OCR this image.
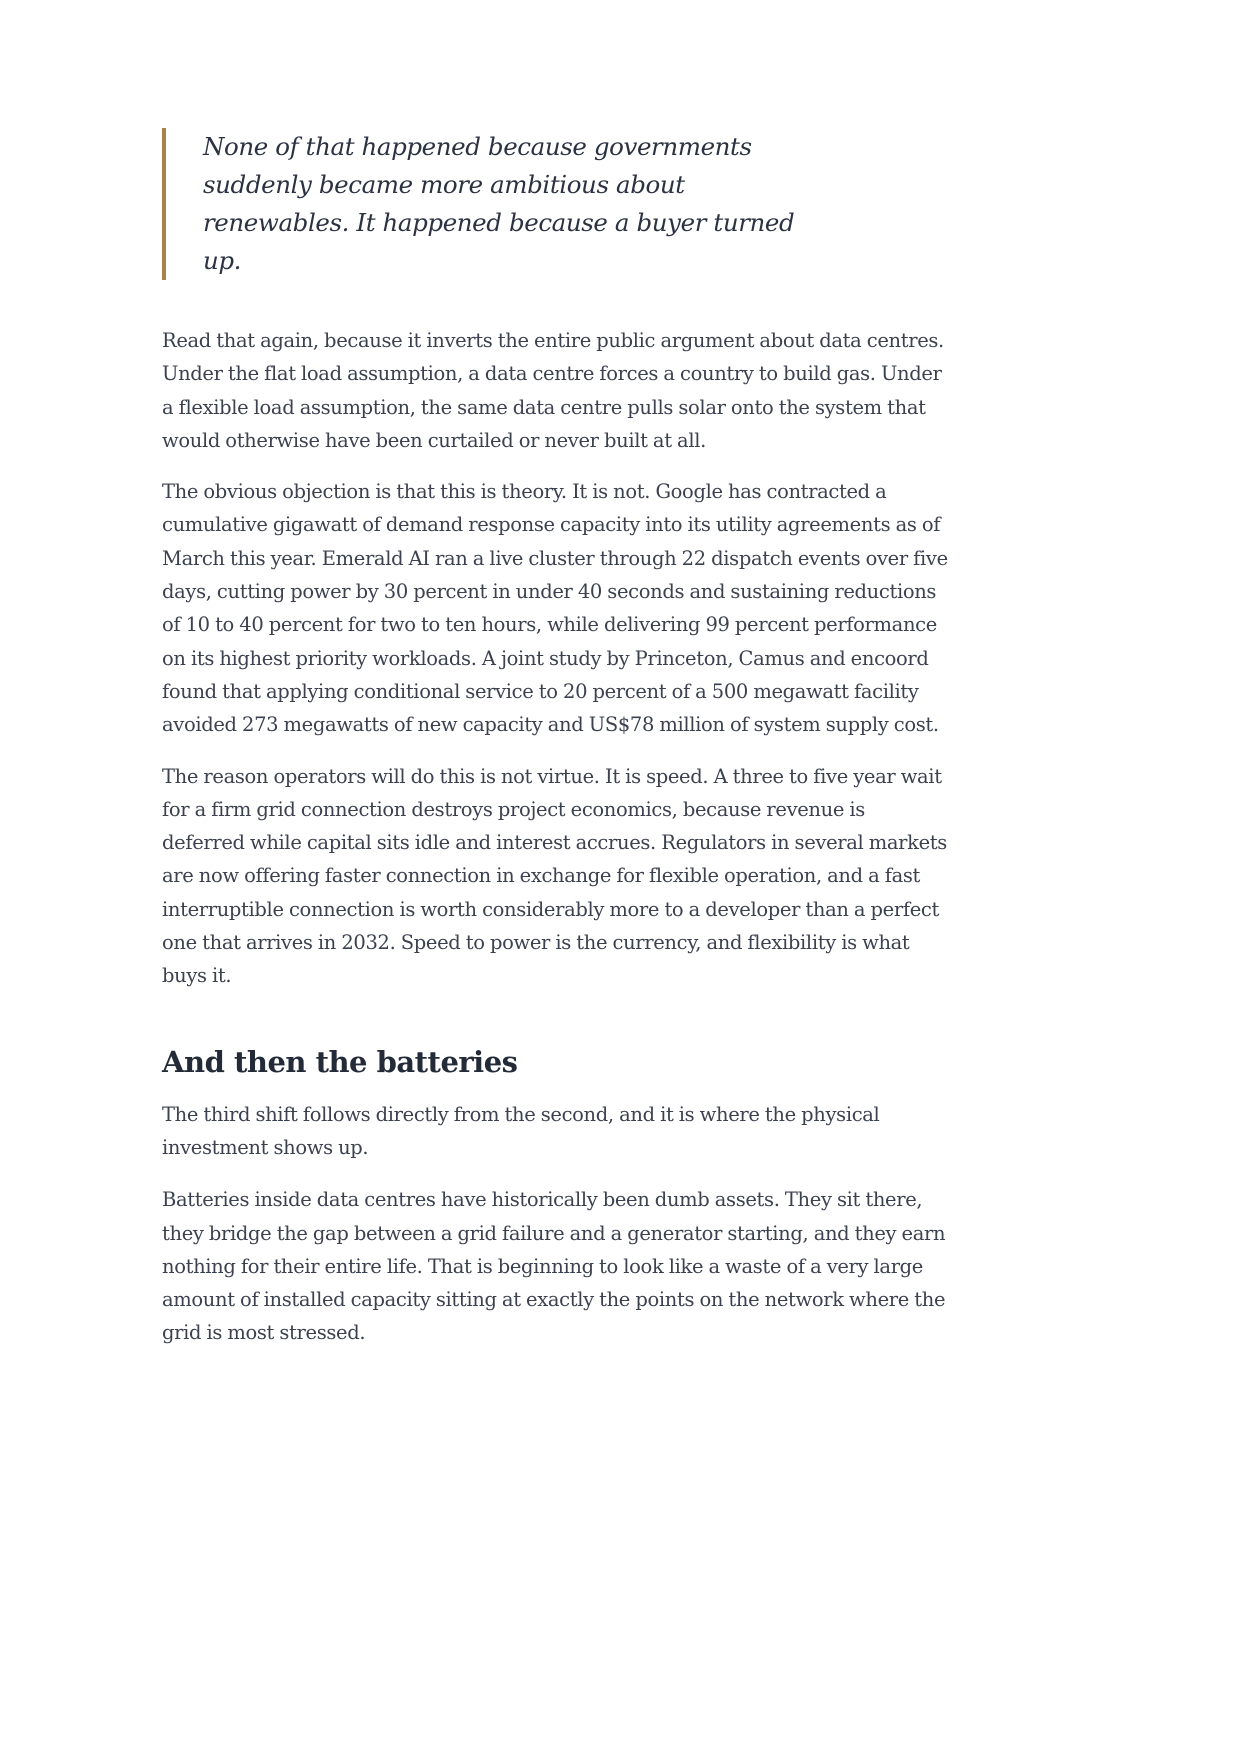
None of that happened because governments suddenly became more ambitious about renewables. It happened because a buyer turned up.

Read that again, because it inverts the entire public argument about data centres. Under the flat load assumption, a data centre forces a country to build gas. Under a flexible load assumption, the same data centre pulls solar onto the system that would otherwise have been curtailed or never built at all.

The obvious objection is that this is theory. It is not. Google has contracted a cumulative gigawatt of demand response capacity into its utility agreements as of March this year. Emerald AI ran a live cluster through 22 dispatch events over five days, cutting power by 30 percent in under 40 seconds and sustaining reductions of 10 to 40 percent for two to ten hours, while delivering 99 percent performance on its highest priority workloads. A joint study by Princeton, Camus and encoord found that applying conditional service to 20 percent of a 500 megawatt facility avoided 273 megawatts of new capacity and US$78 million of system supply cost.

The reason operators will do this is not virtue. It is speed. A three to five year wait for a firm grid connection destroys project economics, because revenue is deferred while capital sits idle and interest accrues. Regulators in several markets are now offering faster connection in exchange for flexible operation, and a fast interruptible connection is worth considerably more to a developer than a perfect one that arrives in 2032. Speed to power is the currency, and flexibility is what buys it.

And then the batteries

The third shift follows directly from the second, and it is where the physical investment shows up.

Batteries inside data centres have historically been dumb assets. They sit there, they bridge the gap between a grid failure and a generator starting, and they earn nothing for their entire life. That is beginning to look like a waste of a very large amount of installed capacity sitting at exactly the points on the network where the grid is most stressed.
